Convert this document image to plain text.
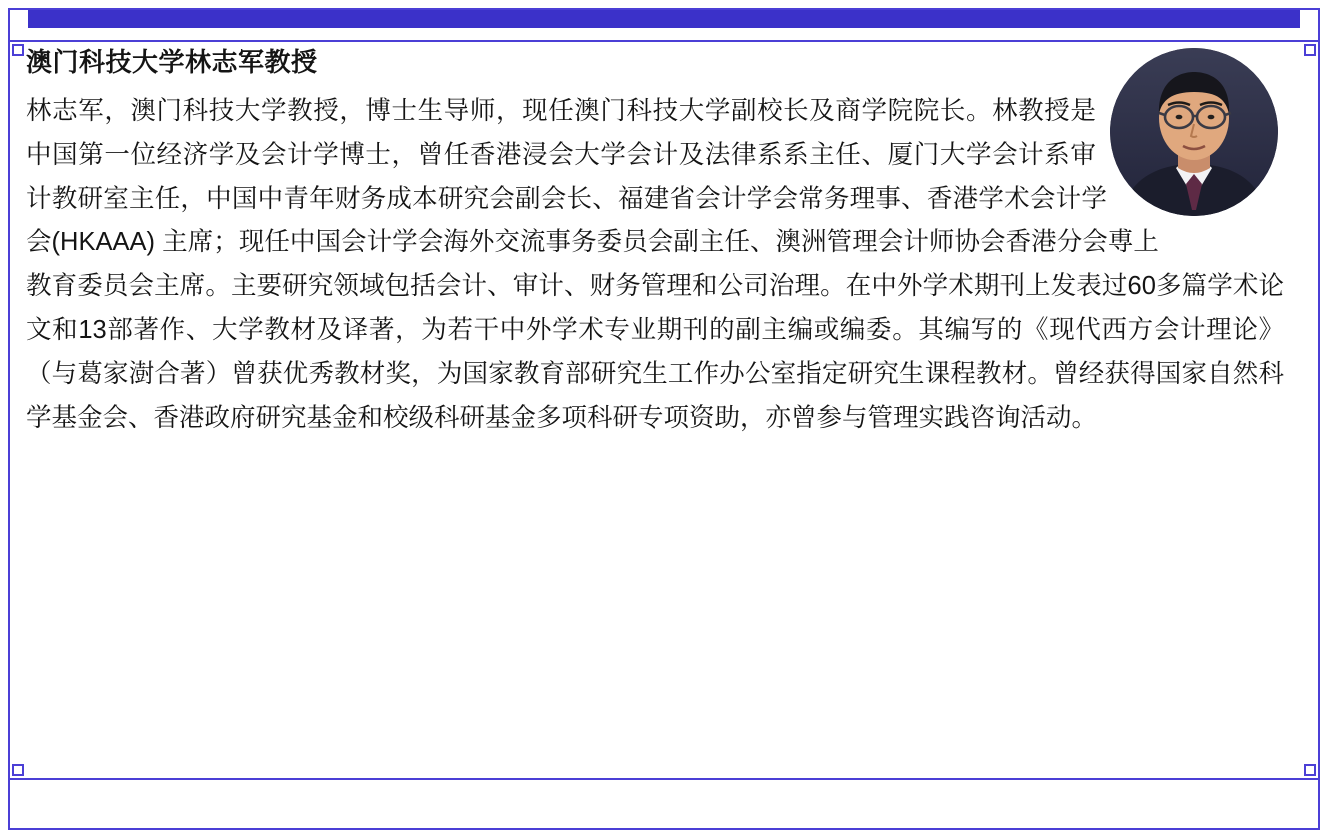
澳门科技大学林志军教授

林志军，澳门科技大学教授，博士生导师，现任澳门科技大学副校长及商学院院长。林教授是中国第一位经济学及会计学博士，曾任香港浸会大学会计及法律系系主任、厦门大学会计系审计教研室主任，中国中青年财务成本研究会副会长、福建省会计学会常务理事、香港学术会计学会(HKAAA) 主席；现任中国会计学会海外交流事务委员会副主任、澳洲管理会计师协会香港分会尃上教育委员会主席。主要研究领域包括会计、审计、财务管理和公司治理。在中外学术期刊上发表过60多篇学术论文和13部著作、大学教材及译著，为若干中外学术专业期刊的副主编或编委。其编写的《现代西方会计理论》（与葛家澍合著）曾获优秀教材奖，为国家教育部研究生工作办公室指定研究生课程教材。曾经获得国家自然科学基金会、香港政府研究基金和校级科研基金多项科研专项资助，亦曾参与管理实践咨询活动。
